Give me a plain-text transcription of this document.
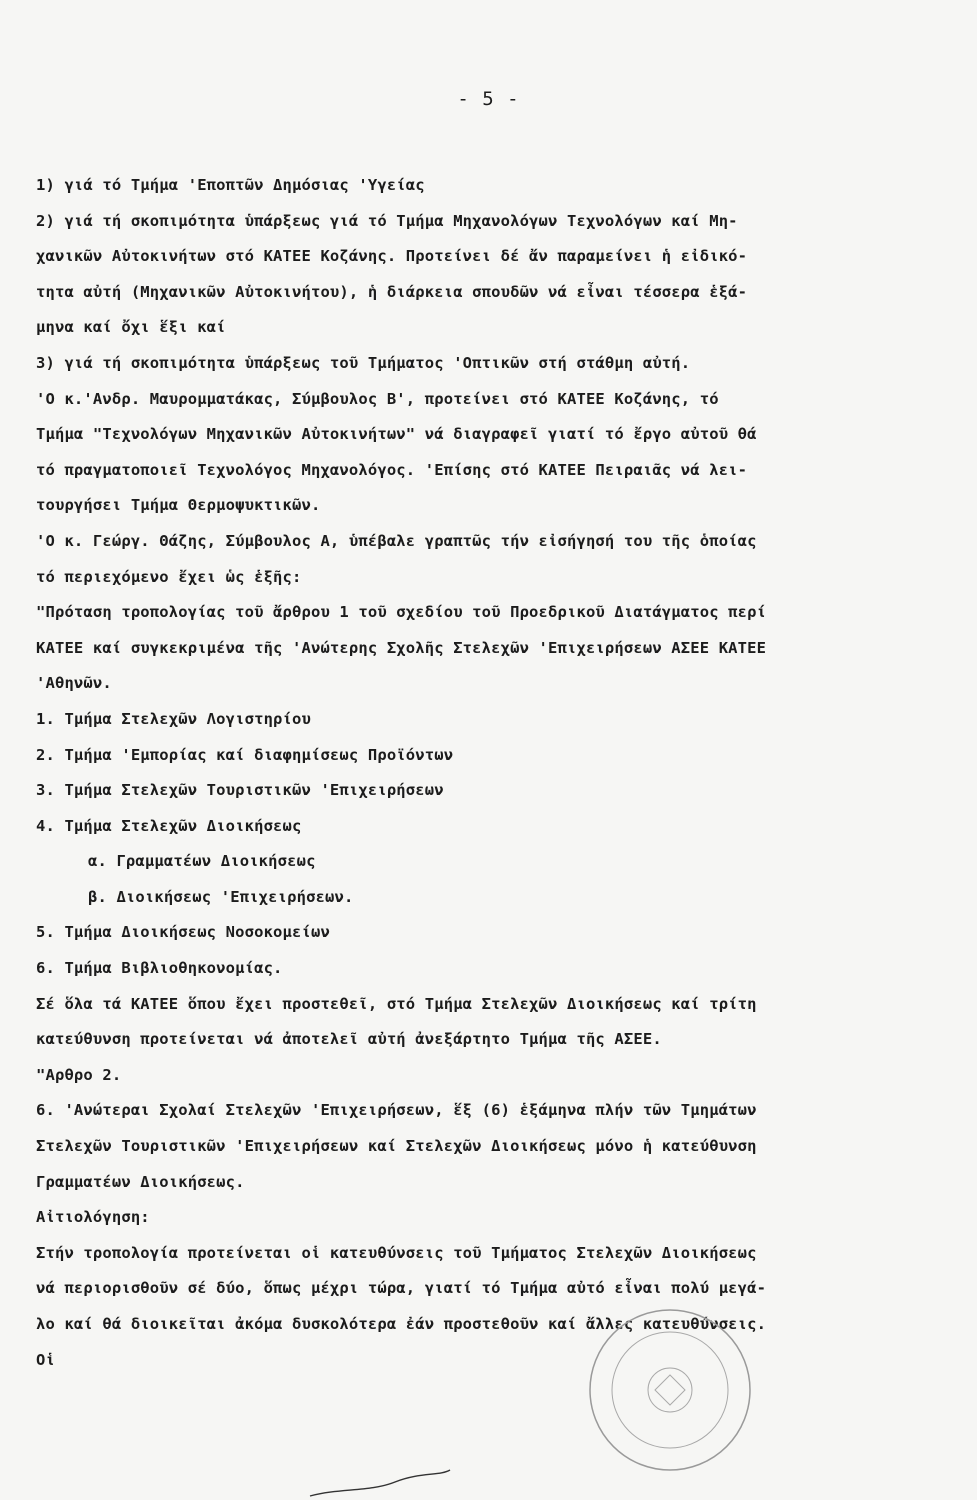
- 5 -
1) γιά τό Τμήμα 'Εποπτῶν Δημόσιας 'Υγείας
2) γιά τή σκοπιμότητα ὑπάρξεως γιά τό Τμήμα Μηχανολόγων Τεχνολόγων καί Μη-
χανικῶν Αὐτοκινήτων στό ΚΑΤΕΕ Κοζάνης. Προτείνει δέ ἄν παραμείνει ἡ εἰδικό-
τητα αὐτή (Μηχανικῶν Αὐτοκινήτου), ἡ διάρκεια σπουδῶν νά εἶναι τέσσερα ἑξά-
μηνα καί ὄχι ἕξι καί
3) γιά τή σκοπιμότητα ὑπάρξεως τοῦ Τμήματος 'Οπτικῶν στή στάθμη αὐτή.
'Ο κ.'Ανδρ. Μαυρομματάκας, Σύμβουλος Β', προτείνει στό ΚΑΤΕΕ Κοζάνης, τό
Τμήμα "Τεχνολόγων Μηχανικῶν Αὐτοκινήτων" νά διαγραφεῖ γιατί τό ἔργο αὐτοῦ θά
τό πραγματοποιεῖ Τεχνολόγος Μηχανολόγος. 'Επίσης στό ΚΑΤΕΕ Πειραιᾶς νά λει-
τουργήσει Τμήμα Θερμοψυκτικῶν.
'Ο κ. Γεώργ. Θάζης, Σύμβουλος Α, ὑπέβαλε γραπτῶς τήν εἰσήγησή του τῆς ὁποίας
τό περιεχόμενο ἔχει ὡς ἑξῆς:
"Πρόταση τροπολογίας τοῦ ἄρθρου 1 τοῦ σχεδίου τοῦ Προεδρικοῦ Διατάγματος περί
ΚΑΤΕΕ καί συγκεκριμένα τῆς 'Ανώτερης Σχολῆς Στελεχῶν 'Επιχειρήσεων ΑΣΕΕ ΚΑΤΕΕ
'Αθηνῶν.
1. Τμήμα Στελεχῶν Λογιστηρίου
2. Τμήμα 'Εμπορίας καί διαφημίσεως Προϊόντων
3. Τμήμα Στελεχῶν Τουριστικῶν 'Επιχειρήσεων
4. Τμήμα Στελεχῶν Διοικήσεως
α. Γραμματέων Διοικήσεως
β. Διοικήσεως 'Επιχειρήσεων.
5. Τμήμα Διοικήσεως Νοσοκομείων
6. Τμήμα Βιβλιοθηκονομίας.
Σέ ὅλα τά ΚΑΤΕΕ ὅπου ἔχει προστεθεῖ, στό Τμήμα Στελεχῶν Διοικήσεως καί τρίτη
κατεύθυνση προτείνεται νά ἀποτελεῖ αὐτή ἀνεξάρτητο Τμήμα τῆς ΑΣΕΕ.
"Αρθρο 2.
6. 'Ανώτεραι Σχολαί Στελεχῶν 'Επιχειρήσεων, ἕξ (6) ἑξάμηνα πλήν τῶν Τμημάτων
Στελεχῶν Τουριστικῶν 'Επιχειρήσεων καί Στελεχῶν Διοικήσεως μόνο ἡ κατεύθυνση
Γραμματέων Διοικήσεως.
Αἰτιολόγηση:
Στήν τροπολογία προτείνεται οἱ κατευθύνσεις τοῦ Τμήματος Στελεχῶν Διοικήσεως
νά περιορισθοῦν σέ δύο, ὅπως μέχρι τώρα, γιατί τό Τμήμα αὐτό εἶναι πολύ μεγά-
λο καί θά διοικεῖται ἀκόμα δυσκολότερα ἐάν προστεθοῦν καί ἄλλες κατευθύνσεις.
Οἱ
